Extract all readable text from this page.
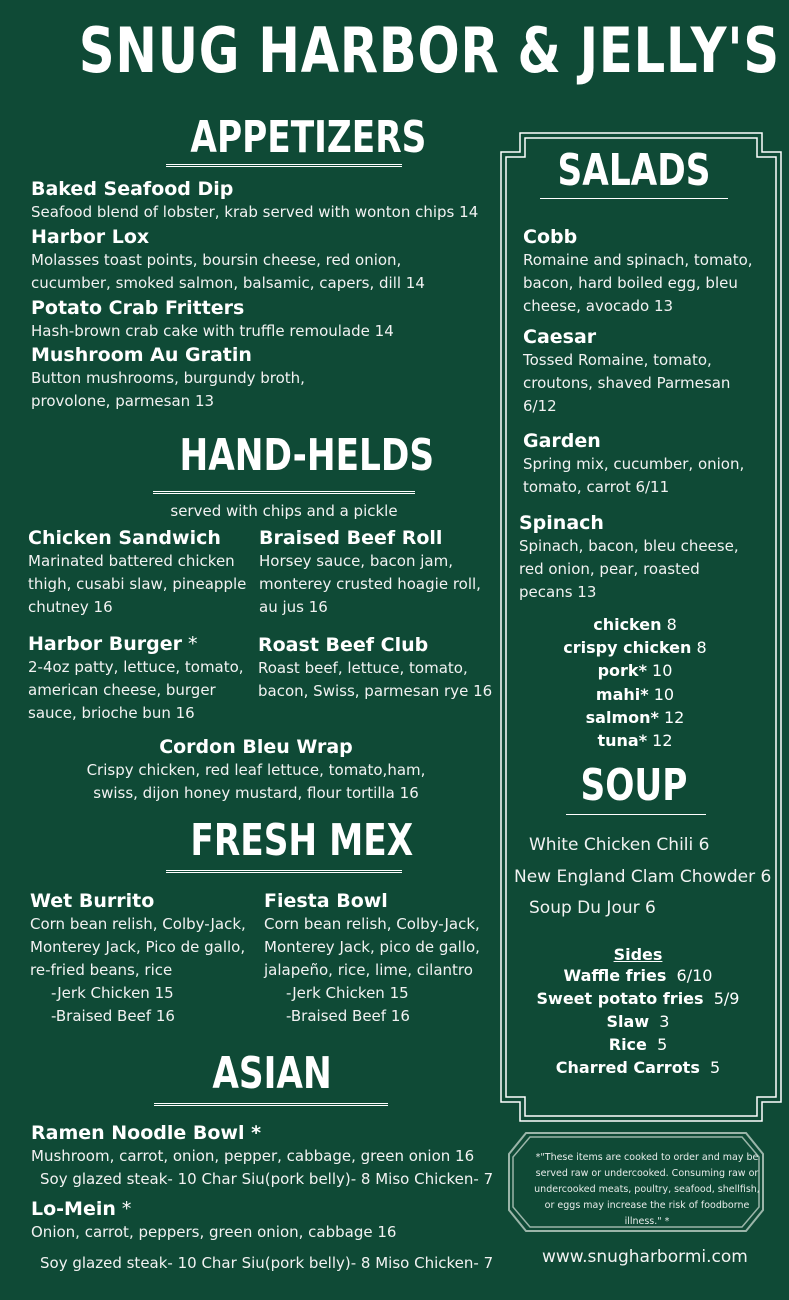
SNUG HARBOR & JELLY'S
APPETIZERS
Baked Seafood Dip
Seafood blend of lobster, krab served with wonton chips 14
Harbor Lox
Molasses toast points, boursin cheese, red onion,
cucumber, smoked salmon, balsamic, capers, dill 14
Potato Crab Fritters
Hash-brown crab cake with truffle remoulade 14
Mushroom Au Gratin
Button mushrooms, burgundy broth,
provolone, parmesan 13
HAND-HELDS
served with chips and a pickle
Chicken Sandwich
Marinated battered chicken
thigh, cusabi slaw, pineapple
chutney 16
Braised Beef Roll
Horsey sauce, bacon jam,
monterey crusted hoagie roll,
au jus 16
Harbor Burger *
2-4oz patty, lettuce, tomato,
american cheese, burger
sauce, brioche bun 16
Roast Beef Club
Roast beef, lettuce, tomato,
bacon, Swiss, parmesan rye 16
Cordon Bleu Wrap
Crispy chicken, red leaf lettuce, tomato,ham,
swiss, dijon honey mustard, flour tortilla 16
FRESH MEX
Wet Burrito
Corn bean relish, Colby-Jack,
Monterey Jack, Pico de gallo,
re-fried beans, rice
-Jerk Chicken 15
-Braised Beef 16
Fiesta Bowl
Corn bean relish, Colby-Jack,
Monterey Jack, pico de gallo,
jalapeño, rice, lime, cilantro
-Jerk Chicken 15
-Braised Beef 16
ASIAN
Ramen Noodle Bowl *
Mushroom, carrot, onion, pepper, cabbage, green onion 16
Soy glazed steak- 10 Char Siu(pork belly)- 8 Miso Chicken- 7
Lo-Mein *
Onion, carrot, peppers, green onion, cabbage 16
Soy glazed steak- 10 Char Siu(pork belly)- 8 Miso Chicken- 7
SALADS
Cobb
Romaine and spinach, tomato,
bacon, hard boiled egg, bleu
cheese, avocado 13
Caesar
Tossed Romaine, tomato,
croutons, shaved Parmesan
6/12
Garden
Spring mix, cucumber, onion,
tomato, carrot 6/11
Spinach
Spinach, bacon, bleu cheese,
red onion, pear, roasted
pecans 13
chicken 8
crispy chicken 8
pork* 10
mahi* 10
salmon* 12
tuna* 12
SOUP
White Chicken Chili 6
New England Clam Chowder 6
Soup Du Jour 6
Sides
Waffle fries 6/10
Sweet potato fries 5/9
Slaw 3
Rice 5
Charred Carrots 5
*"These items are cooked to order and may be served raw or undercooked. Consuming raw or undercooked meats, poultry, seafood, shellfish, or eggs may increase the risk of foodborne illness." *
www.snugharbormi.com
